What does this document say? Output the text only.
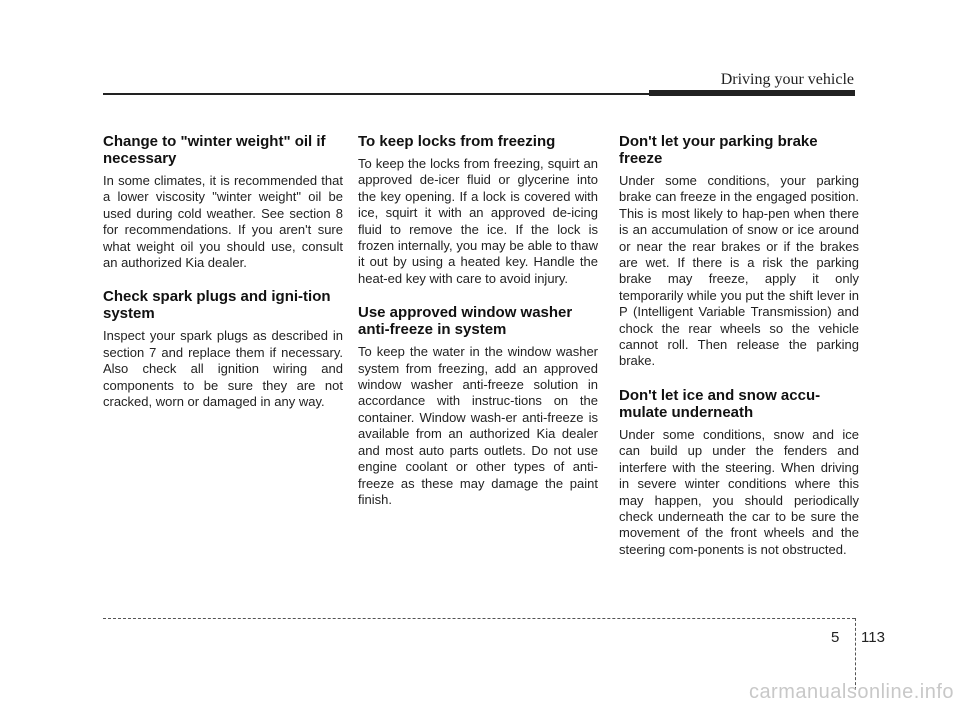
Driving your vehicle
Change to "winter weight" oil if necessary

In some climates, it is recommended that a lower viscosity "winter weight" oil be used during cold weather. See section 8 for recommendations. If you aren't sure what weight oil you should use, consult an authorized Kia dealer.

Check spark plugs and igni-tion system

Inspect your spark plugs as described in section 7 and replace them if necessary. Also check all ignition wiring and components to be sure they are not cracked, worn or damaged in any way.

To keep locks from freezing

To keep the locks from freezing, squirt an approved de-icer fluid or glycerine into the key opening. If a lock is covered with ice, squirt it with an approved de-icing fluid to remove the ice. If the lock is frozen internally, you may be able to thaw it out by using a heated key. Handle the heat-ed key with care to avoid injury.

Use approved window washer anti-freeze in system

To keep the water in the window washer system from freezing, add an approved window washer anti-freeze solution in accordance with instruc-tions on the container. Window wash-er anti-freeze is available from an authorized Kia dealer and most auto parts outlets. Do not use engine coolant or other types of anti-freeze as these may damage the paint finish.

Don't let your parking brake freeze

Under some conditions, your parking brake can freeze in the engaged position. This is most likely to hap-pen when there is an accumulation of snow or ice around or near the rear brakes or if the brakes are wet. If there is a risk the parking brake may freeze, apply it only temporarily while you put the shift lever in P (Intelligent Variable Transmission) and chock the rear wheels so the vehicle cannot roll. Then release the parking brake.

Don't let ice and snow accu-mulate underneath

Under some conditions, snow and ice can build up under the fenders and interfere with the steering. When driving in severe winter conditions where this may happen, you should periodically check underneath the car to be sure the movement of the front wheels and the steering com-ponents is not obstructed.

5 113
carmanualsonline.info
